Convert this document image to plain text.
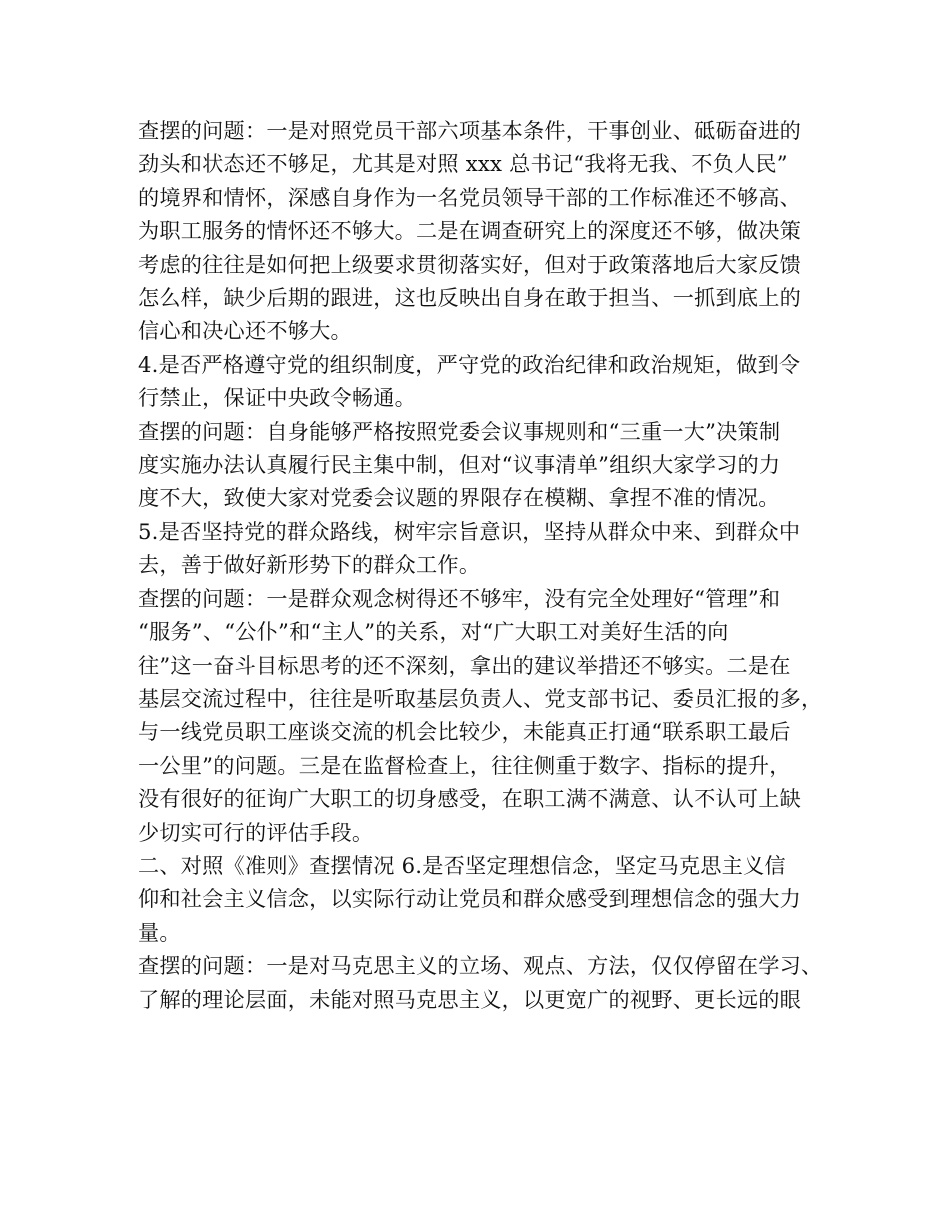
查摆的问题：一是对照党员干部六项基本条件，干事创业、砥砺奋进的
劲头和状态还不够足，尤其是对照 xxx 总书记“我将无我、不负人民”
的境界和情怀，深感自身作为一名党员领导干部的工作标准还不够高、
为职工服务的情怀还不够大。二是在调查研究上的深度还不够，做决策
考虑的往往是如何把上级要求贯彻落实好，但对于政策落地后大家反馈
怎么样，缺少后期的跟进，这也反映出自身在敢于担当、一抓到底上的
信心和决心还不够大。
4.是否严格遵守党的组织制度，严守党的政治纪律和政治规矩，做到令
行禁止，保证中央政令畅通。
查摆的问题：自身能够严格按照党委会议事规则和“三重一大”决策制
度实施办法认真履行民主集中制，但对“议事清单”组织大家学习的力
度不大，致使大家对党委会议题的界限存在模糊、拿捏不准的情况。
5.是否坚持党的群众路线，树牢宗旨意识，坚持从群众中来、到群众中
去，善于做好新形势下的群众工作。
查摆的问题：一是群众观念树得还不够牢，没有完全处理好“管理”和
“服务”、“公仆”和“主人”的关系，对“广大职工对美好生活的向
往”这一奋斗目标思考的还不深刻，拿出的建议举措还不够实。二是在
基层交流过程中，往往是听取基层负责人、党支部书记、委员汇报的多，
与一线党员职工座谈交流的机会比较少，未能真正打通“联系职工最后
一公里”的问题。三是在监督检查上，往往侧重于数字、指标的提升，
没有很好的征询广大职工的切身感受，在职工满不满意、认不认可上缺
少切实可行的评估手段。
二、对照《准则》查摆情况 6.是否坚定理想信念，坚定马克思主义信
仰和社会主义信念，以实际行动让党员和群众感受到理想信念的强大力
量。
查摆的问题：一是对马克思主义的立场、观点、方法，仅仅停留在学习、
了解的理论层面，未能对照马克思主义，以更宽广的视野、更长远的眼
